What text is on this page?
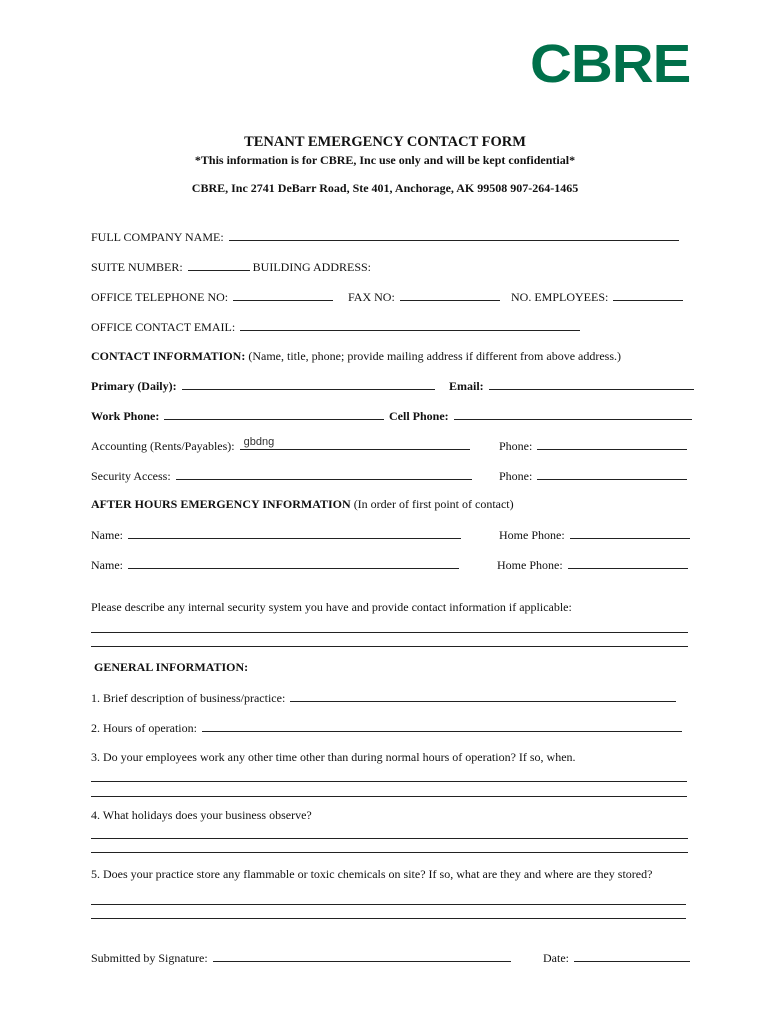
CBRE
TENANT EMERGENCY CONTACT FORM
*This information is for CBRE, Inc use only and will be kept confidential*
CBRE, Inc 2741 DeBarr Road, Ste 401, Anchorage, AK 99508 907-264-1465
FULL COMPANY NAME:
SUITE NUMBER:	BUILDING ADDRESS:
OFFICE TELEPHONE NO:	FAX NO:	NO. EMPLOYEES:
OFFICE CONTACT EMAIL:
CONTACT INFORMATION: (Name, title, phone; provide mailing address if different from above address.)
Primary (Daily):	Email:
Work Phone:	Cell Phone:
Accounting (Rents/Payables): gbdng	Phone:
Security Access:	Phone:
AFTER HOURS EMERGENCY INFORMATION (In order of first point of contact)
Name:	Home Phone:
Name:	Home Phone:
Please describe any internal security system you have and provide contact information if applicable:
GENERAL INFORMATION:
1. Brief description of business/practice:
2. Hours of operation:
3. Do your employees work any other time other than during normal hours of operation? If so, when.
4. What holidays does your business observe?
5. Does your practice store any flammable or toxic chemicals on site? If so, what are they and where are they stored?
Submitted by Signature:	Date:
